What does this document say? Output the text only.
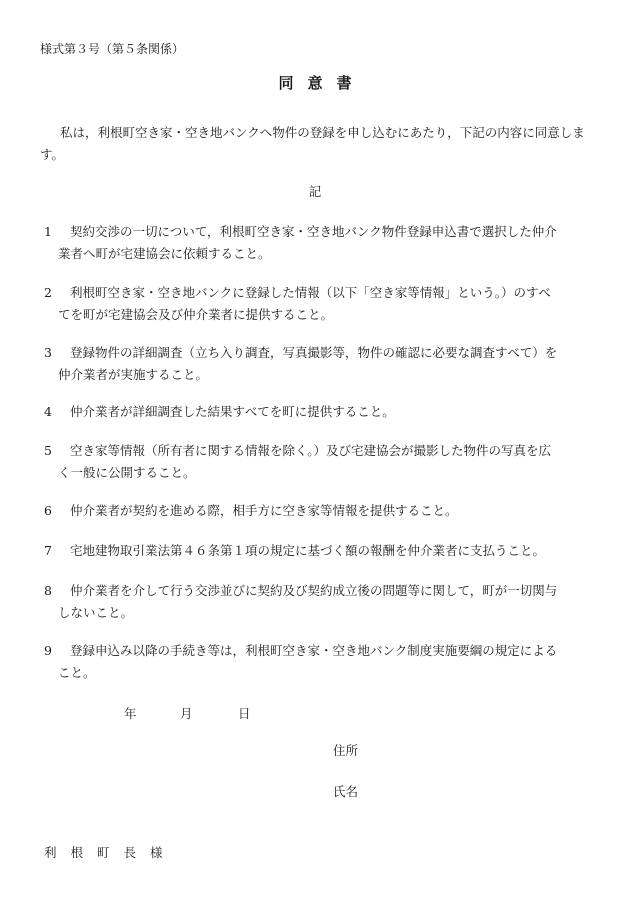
様式第３号（第５条関係）
同意書
私は，利根町空き家・空き地バンクへ物件の登録を申し込むにあたり，下記の内容に同意します。
記
1	契約交渉の一切について，利根町空き家・空き地バンク物件登録申込書で選択した仲介
業者へ町が宅建協会に依頼すること。
2	利根町空き家・空き地バンクに登録した情報（以下「空き家等情報」という。）のすべ
てを町が宅建協会及び仲介業者に提供すること。
3	登録物件の詳細調査（立ち入り調査，写真撮影等，物件の確認に必要な調査すべて）を
仲介業者が実施すること。
4	仲介業者が詳細調査した結果すべてを町に提供すること。
5	空き家等情報（所有者に関する情報を除く。）及び宅建協会が撮影した物件の写真を広
く一般に公開すること。
6	仲介業者が契約を進める際，相手方に空き家等情報を提供すること。
7	宅地建物取引業法第４６条第１項の規定に基づく額の報酬を仲介業者に支払うこと。
8	仲介業者を介して行う交渉並びに契約及び契約成立後の問題等に関して，町が一切関与
しないこと。
9	登録申込み以降の手続き等は，利根町空き家・空き地バンク制度実施要綱の規定による
こと。
年	月	日
住所
氏名
利根町長様
